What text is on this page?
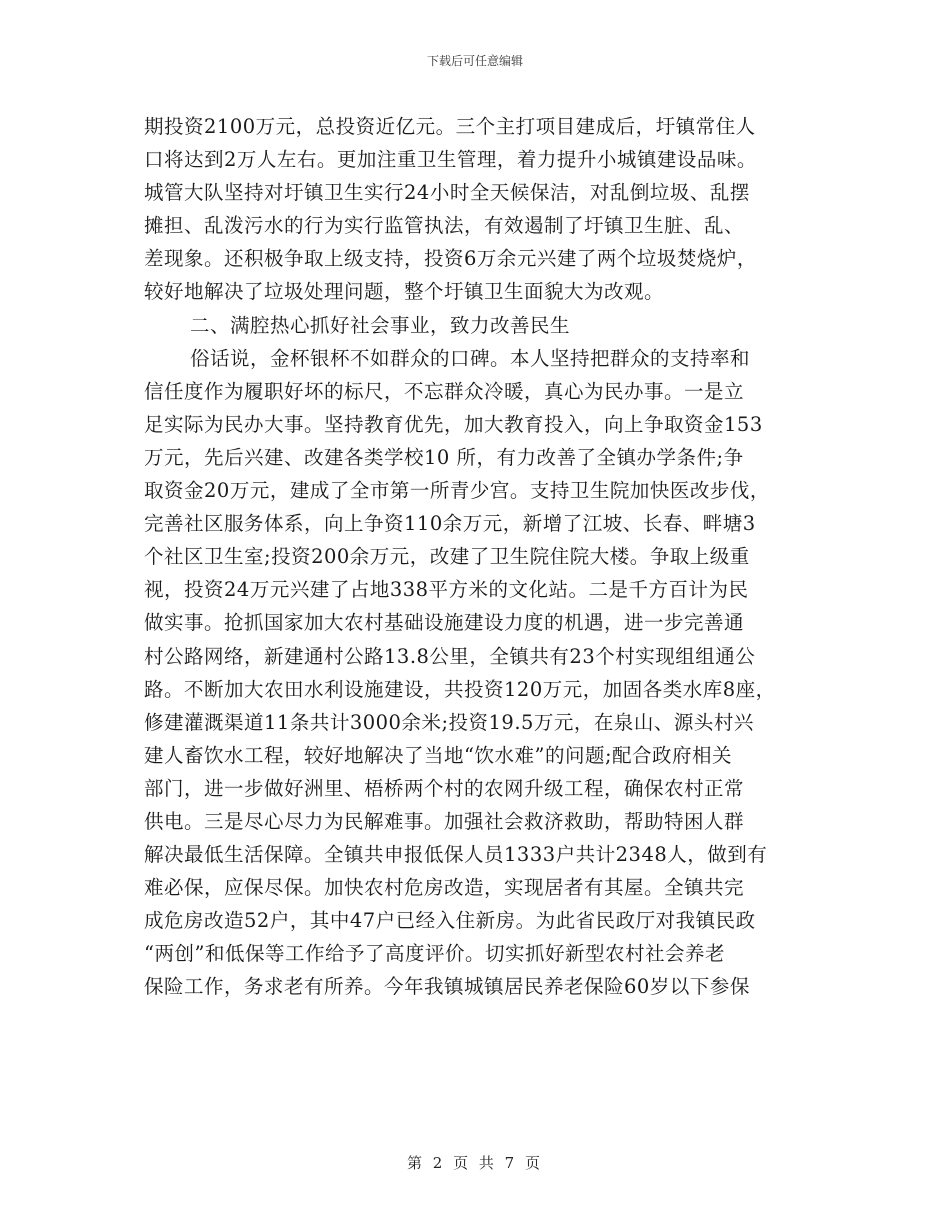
下载后可任意编辑
期投资2100万元，总投资近亿元。三个主打项目建成后，圩镇常住人
口将达到2万人左右。更加注重卫生管理，着力提升小城镇建设品味。
城管大队坚持对圩镇卫生实行24小时全天候保洁，对乱倒垃圾、乱摆
摊担、乱泼污水的行为实行监管执法，有效遏制了圩镇卫生脏、乱、
差现象。还积极争取上级支持，投资6万余元兴建了两个垃圾焚烧炉，
较好地解决了垃圾处理问题，整个圩镇卫生面貌大为改观。
二、满腔热心抓好社会事业，致力改善民生
俗话说，金杯银杯不如群众的口碑。本人坚持把群众的支持率和
信任度作为履职好坏的标尺，不忘群众冷暖，真心为民办事。一是立
足实际为民办大事。坚持教育优先，加大教育投入，向上争取资金153
万元，先后兴建、改建各类学校10 所，有力改善了全镇办学条件;争
取资金20万元，建成了全市第一所青少宫。支持卫生院加快医改步伐，
完善社区服务体系，向上争资110余万元，新增了江坡、长春、畔塘3
个社区卫生室;投资200余万元，改建了卫生院住院大楼。争取上级重
视，投资24万元兴建了占地338平方米的文化站。二是千方百计为民
做实事。抢抓国家加大农村基础设施建设力度的机遇，进一步完善通
村公路网络，新建通村公路13.8公里，全镇共有23个村实现组组通公
路。不断加大农田水利设施建设，共投资120万元，加固各类水库8座，
修建灌溉渠道11条共计3000余米;投资19.5万元，在泉山、源头村兴
建人畜饮水工程，较好地解决了当地“饮水难”的问题;配合政府相关
部门，进一步做好洲里、梧桥两个村的农网升级工程，确保农村正常
供电。三是尽心尽力为民解难事。加强社会救济救助，帮助特困人群
解决最低生活保障。全镇共申报低保人员1333户共计2348人，做到有
难必保，应保尽保。加快农村危房改造，实现居者有其屋。全镇共完
成危房改造52户，其中47户已经入住新房。为此省民政厅对我镇民政
“两创”和低保等工作给予了高度评价。切实抓好新型农村社会养老
保险工作，务求老有所养。今年我镇城镇居民养老保险60岁以下参保
第 2 页 共 7 页
